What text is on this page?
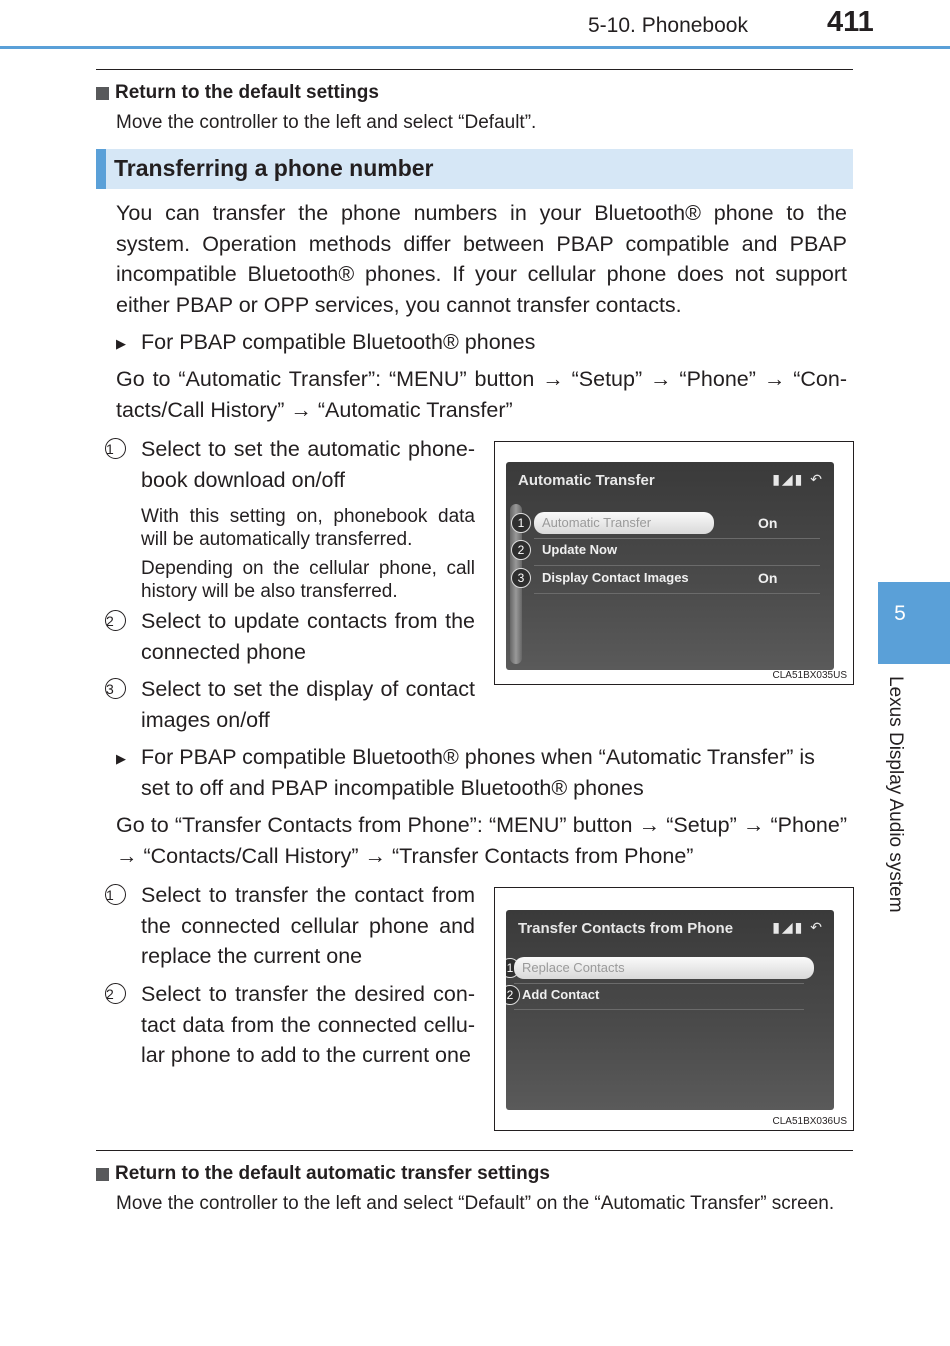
5-10. Phonebook	411
5
Lexus Display Audio system
Return to the default settings
Move the controller to the left and select “Default”.
Transferring a phone number
You can transfer the phone numbers in your Bluetooth® phone to the system. Operation methods differ between PBAP compatible and PBAP incompatible Bluetooth® phones. If your cellular phone does not support either PBAP or OPP services, you cannot transfer contacts.
▶ For PBAP compatible Bluetooth® phones
Go to “Automatic Transfer”: “MENU” button → “Setup” → “Phone” → “Con-tacts/Call History” → “Automatic Transfer”
1	Select to set the automatic phone-book download on/off
With this setting on, phonebook data will be automatically transferred.
Depending on the cellular phone, call history will be also transferred.
2	Select to update contacts from the connected phone
3	Select to set the display of contact images on/off
Automatic Transfer	▮◢▮ ↶
1	Automatic Transfer	On
2	Update Now
3	Display Contact Images	On
CLA51BX035US
▶ For PBAP compatible Bluetooth® phones when “Automatic Transfer” is set to off and PBAP incompatible Bluetooth® phones
Go to “Transfer Contacts from Phone”: “MENU” button → “Setup” → “Phone” → “Contacts/Call History” → “Transfer Contacts from Phone”
1	Select to transfer the contact from the connected cellular phone and replace the current one
2	Select to transfer the desired con-tact data from the connected cellu-lar phone to add to the current one
Transfer Contacts from Phone	▮◢▮ ↶
1 Replace Contacts
2 Add Contact
CLA51BX036US
Return to the default automatic transfer settings
Move the controller to the left and select “Default” on the “Automatic Transfer” screen.
